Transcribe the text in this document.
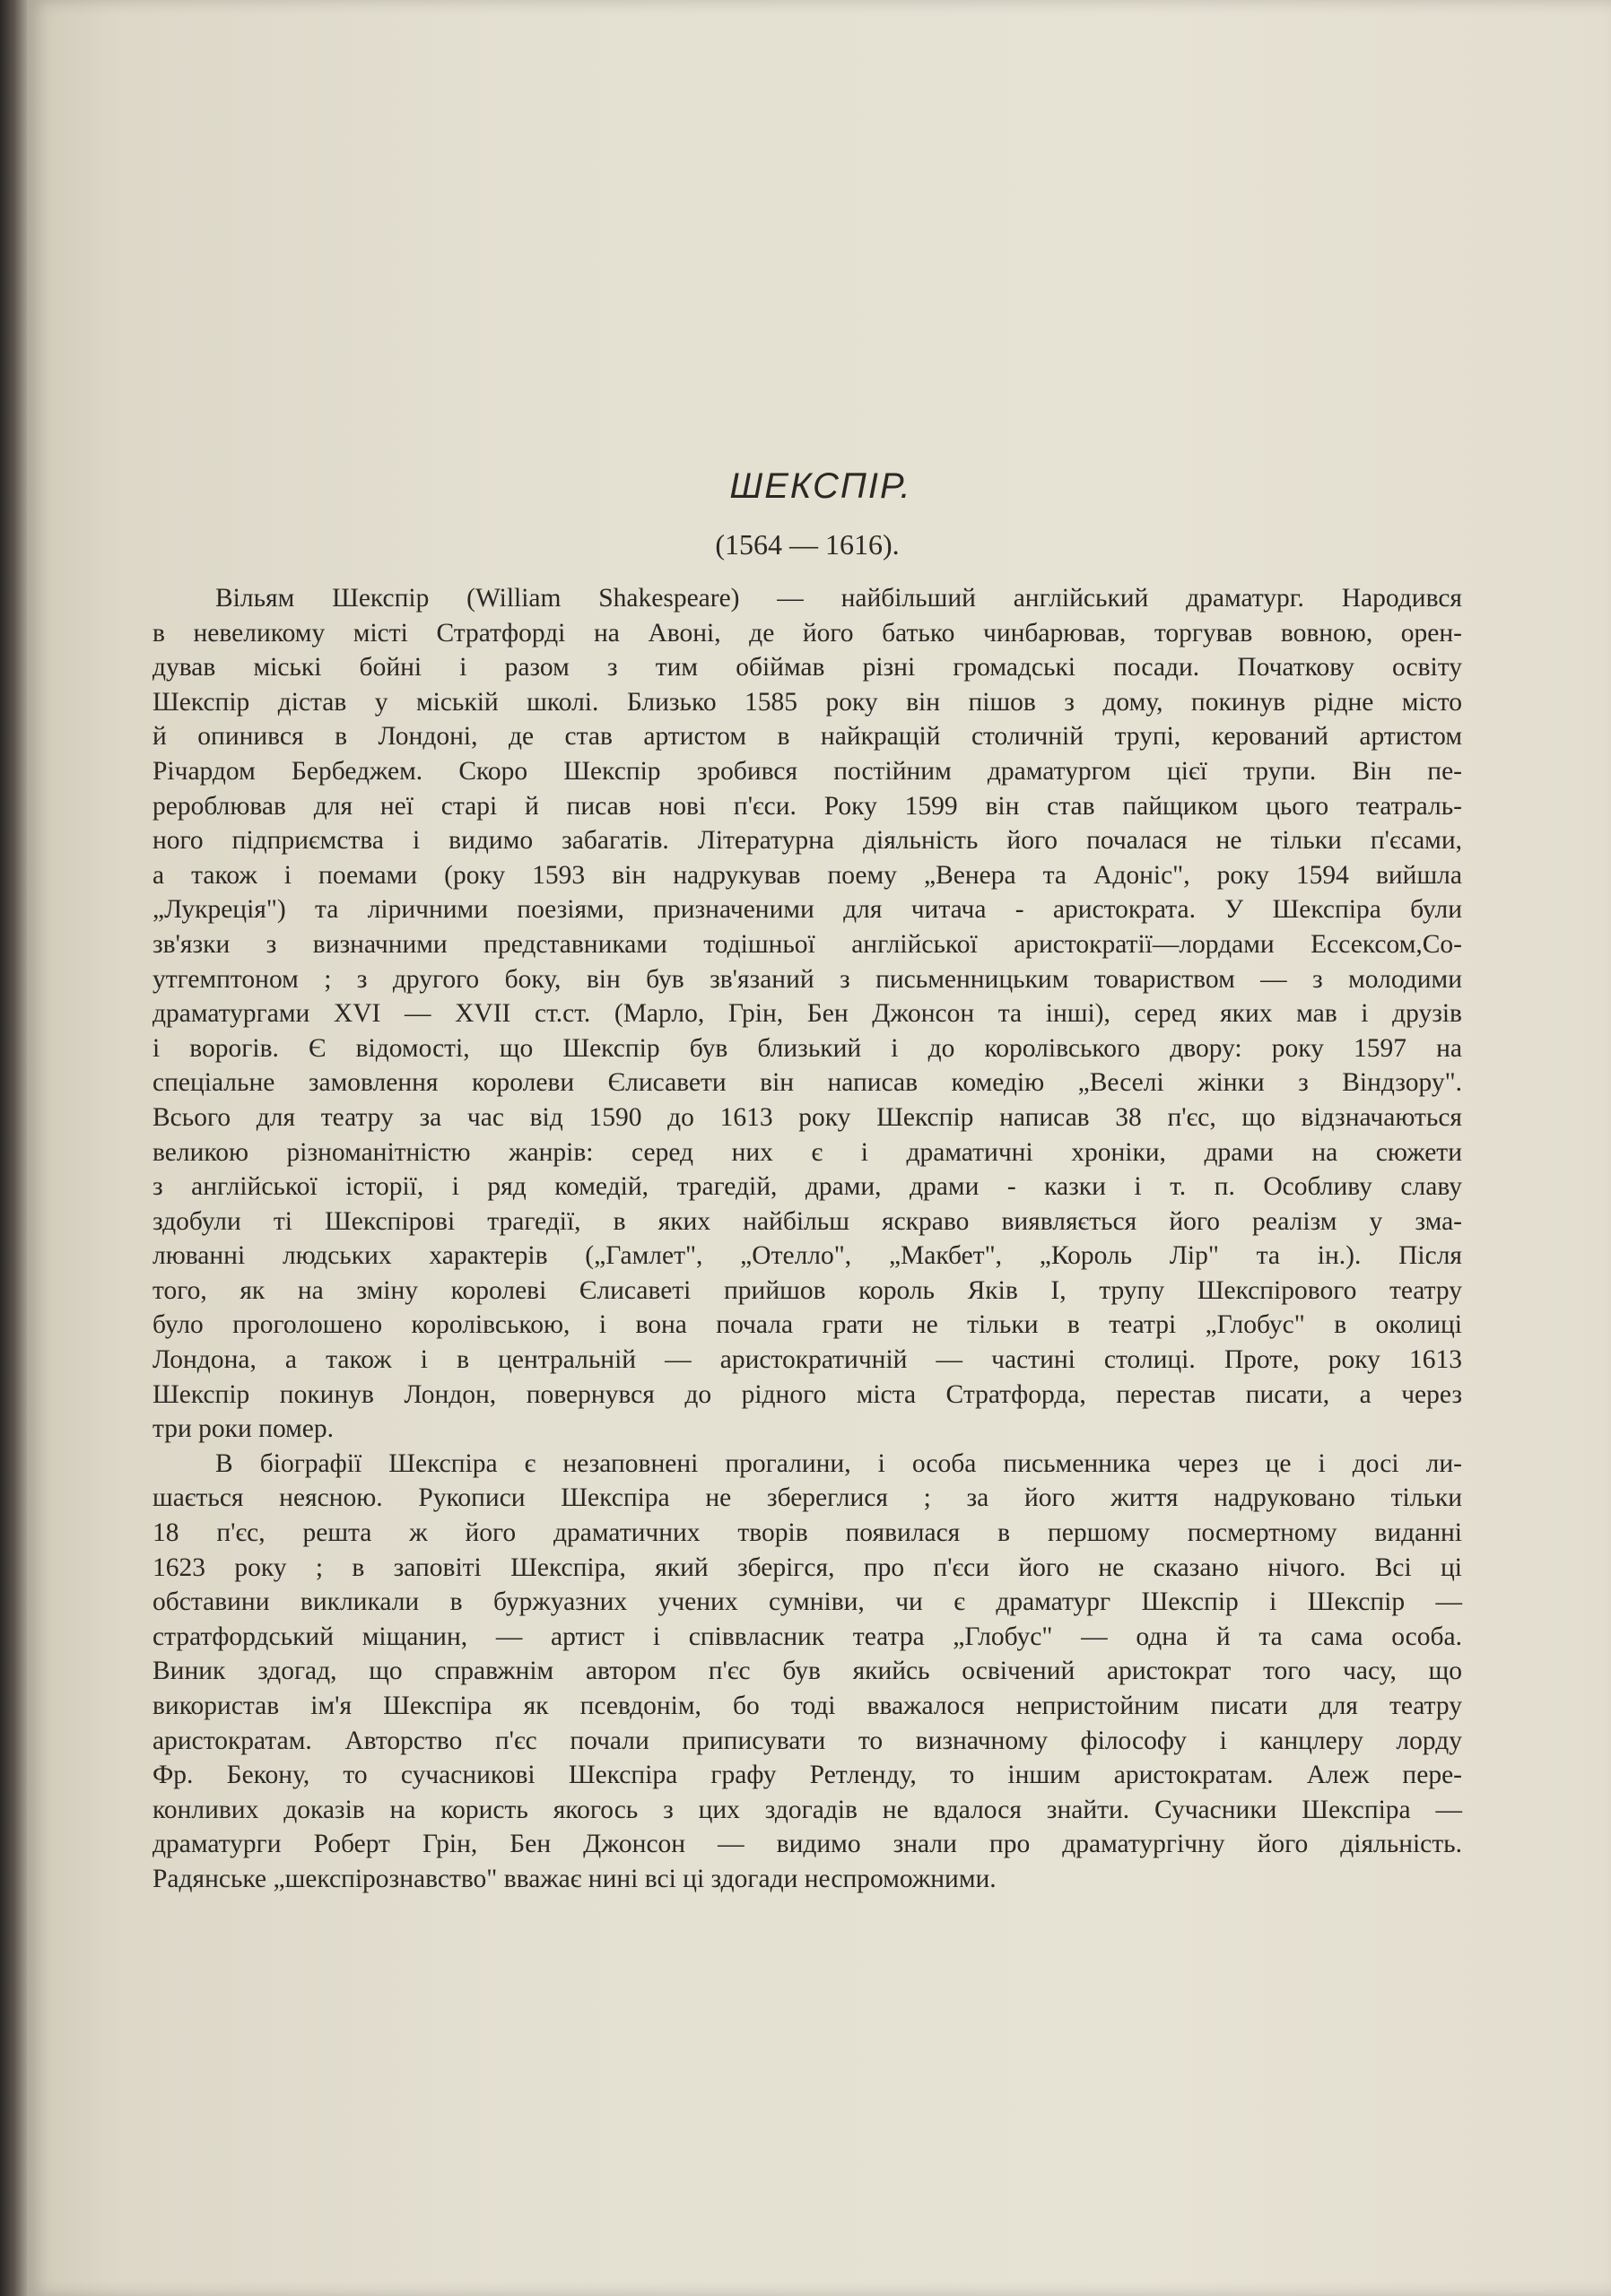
ШЕКСПІР.
(1564 — 1616).
Вільям Шекспір (William Shakespeare) — найбільший англійський драматург. Народився
в невеликому місті Стратфорді на Авоні, де його батько чинбарював, торгував вовною, орен-
дував міські бойні і разом з тим обіймав різні громадські посади. Початкову освіту
Шекспір дістав у міській школі. Близько 1585 року він пішов з дому, покинув рідне місто
й опинився в Лондоні, де став артистом в найкращій столичній трупі, керований артистом
Річардом Бербеджем. Скоро Шекспір зробився постійним драматургом цієї трупи. Він пе-
рероблював для неї старі й писав нові п'єси. Року 1599 він став пайщиком цього театраль-
ного підприємства і видимо забагатів. Літературна діяльність його почалася не тільки п'єсами,
а також і поемами (року 1593 він надрукував поему „Венера та Адоніс", року 1594 вийшла
„Лукреція") та ліричними поезіями, призначеними для читача - аристократа. У Шекспіра були
зв'язки з визначними представниками тодішньої англійської аристократії—лордами Ессексом,Со-
утгемптоном ; з другого боку, він був зв'язаний з письменницьким товариством — з молодими
драматургами XVI — XVII ст.ст. (Марло, Грін, Бен Джонсон та інші), серед яких мав і друзів
і ворогів. Є відомості, що Шекспір був близький і до королівського двору: року 1597 на
спеціальне замовлення королеви Єлисавети він написав комедію „Веселі жінки з Віндзору".
Всього для театру за час від 1590 до 1613 року Шекспір написав 38 п'єс, що відзначаються
великою різноманітністю жанрів: серед них є і драматичні хроніки, драми на сюжети
з англійської історії, і ряд комедій, трагедій, драми, драми - казки і т. п. Особливу славу
здобули ті Шекспірові трагедії, в яких найбільш яскраво виявляється його реалізм у зма-
люванні людських характерів („Гамлет", „Отелло", „Макбет", „Король Лір" та ін.). Після
того, як на зміну королеві Єлисаветі прийшов король Яків І, трупу Шекспірового театру
було проголошено королівською, і вона почала грати не тільки в театрі „Глобус" в околиці
Лондона, а також і в центральній — аристократичній — частині столиці. Проте, року 1613
Шекспір покинув Лондон, повернувся до рідного міста Стратфорда, перестав писати, а через
три роки помер.
В біографії Шекспіра є незаповнені прогалини, і особа письменника через це і досі ли-
шається неясною. Рукописи Шекспіра не збереглися ; за його життя надруковано тільки
18 п'єс, решта ж його драматичних творів появилася в першому посмертному виданні
1623 року ; в заповіті Шекспіра, який зберігся, про п'єси його не сказано нічого. Всі ці
обставини викликали в буржуазних учених сумніви, чи є драматург Шекспір і Шекспір —
стратфордський міщанин, — артист і співвласник театра „Глобус" — одна й та сама особа.
Виник здогад, що справжнім автором п'єс був якийсь освічений аристократ того часу, що
використав ім'я Шекспіра як псевдонім, бо тоді вважалося непристойним писати для театру
аристократам. Авторство п'єс почали приписувати то визначному філософу і канцлеру лорду
Фр. Бекону, то сучасникові Шекспіра графу Ретленду, то іншим аристократам. Алеж пере-
конливих доказів на користь якогось з цих здогадів не вдалося знайти. Сучасники Шекспіра —
драматурги Роберт Грін, Бен Джонсон — видимо знали про драматургічну його діяльність.
Радянське „шекспірознавство" вважає нині всі ці здогади неспроможними.
